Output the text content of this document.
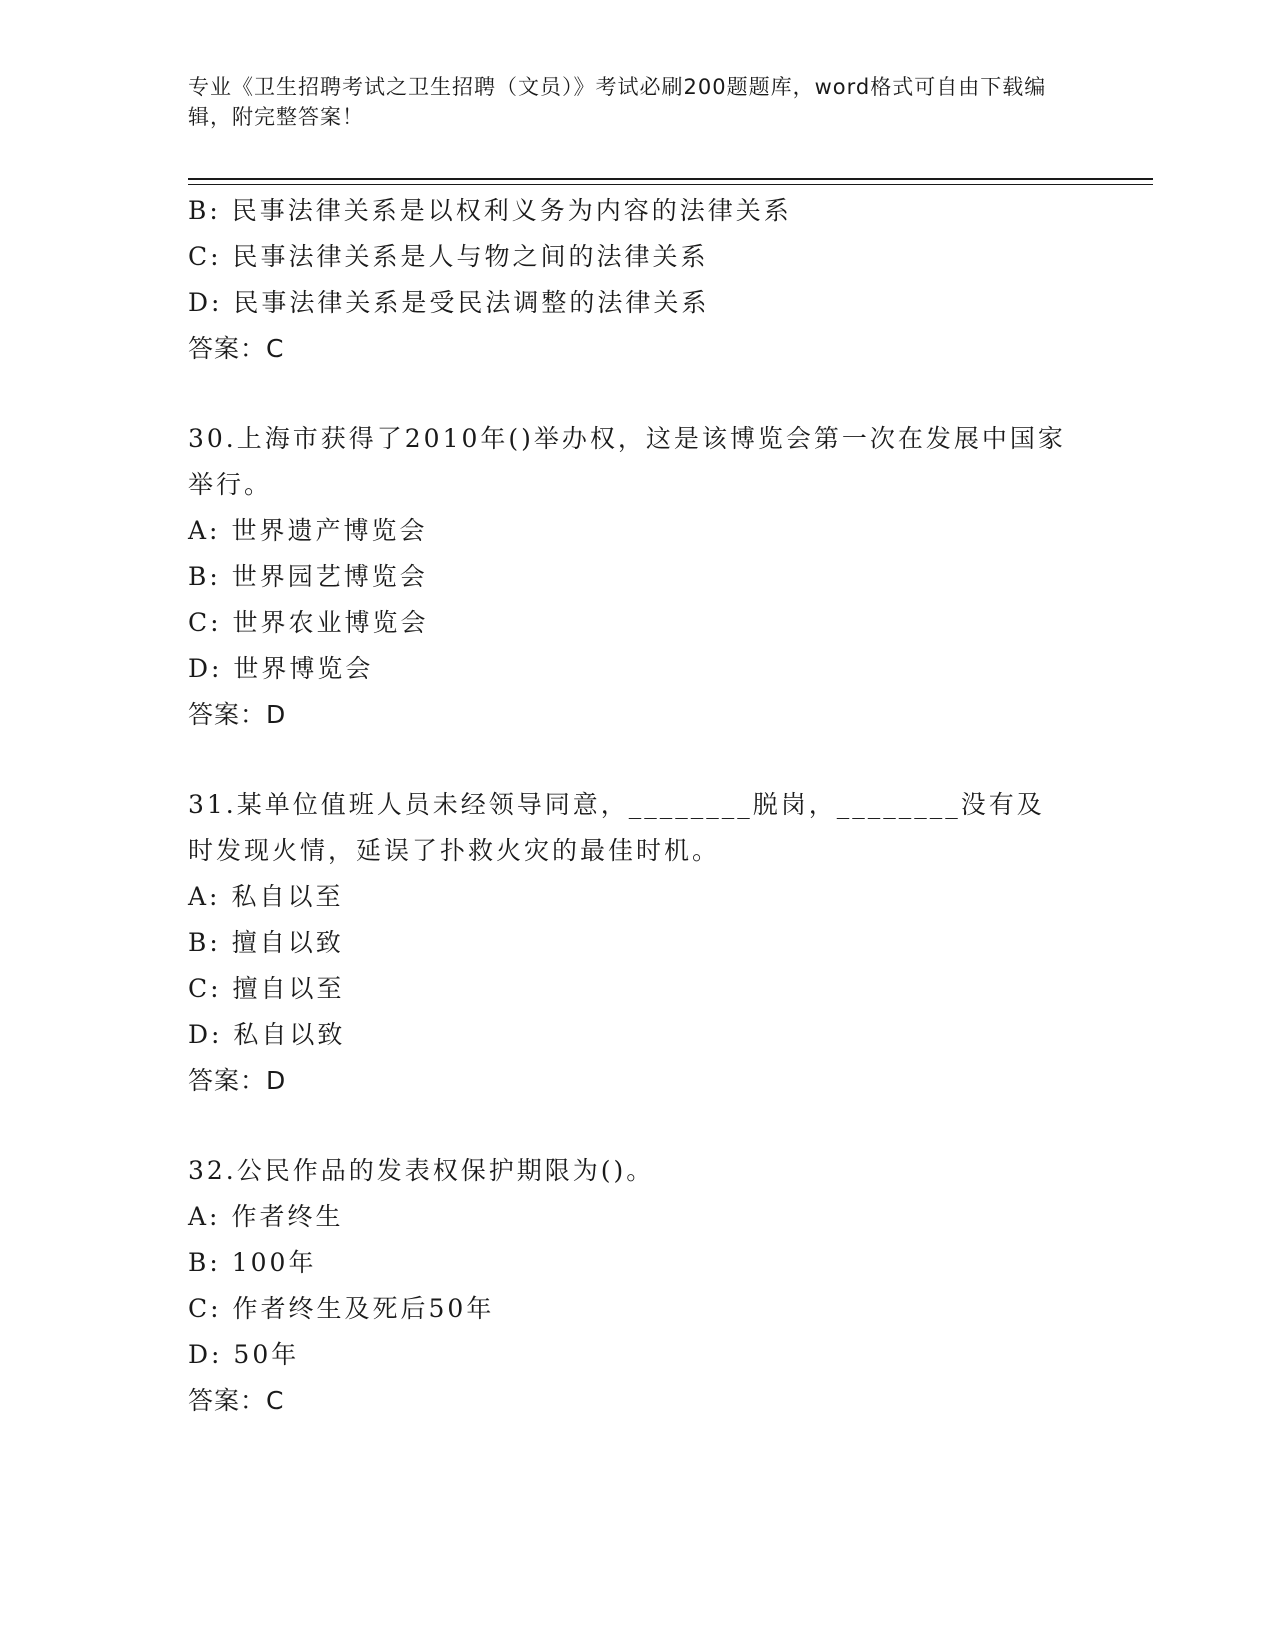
专业《卫生招聘考试之卫生招聘（文员）》考试必刷200题题库，word格式可自由下载编辑，附完整答案！
B: 民事法律关系是以权利义务为内容的法律关系
C: 民事法律关系是人与物之间的法律关系
D: 民事法律关系是受民法调整的法律关系
答案：C
30.上海市获得了2010年()举办权，这是该博览会第一次在发展中国家举行。
A: 世界遗产博览会
B: 世界园艺博览会
C: 世界农业博览会
D: 世界博览会
答案：D
31.某单位值班人员未经领导同意，________脱岗，________没有及时发现火情，延误了扑救火灾的最佳时机。
A: 私自以至
B: 擅自以致
C: 擅自以至
D: 私自以致
答案：D
32.公民作品的发表权保护期限为()。
A: 作者终生
B: 100年
C: 作者终生及死后50年
D: 50年
答案：C
